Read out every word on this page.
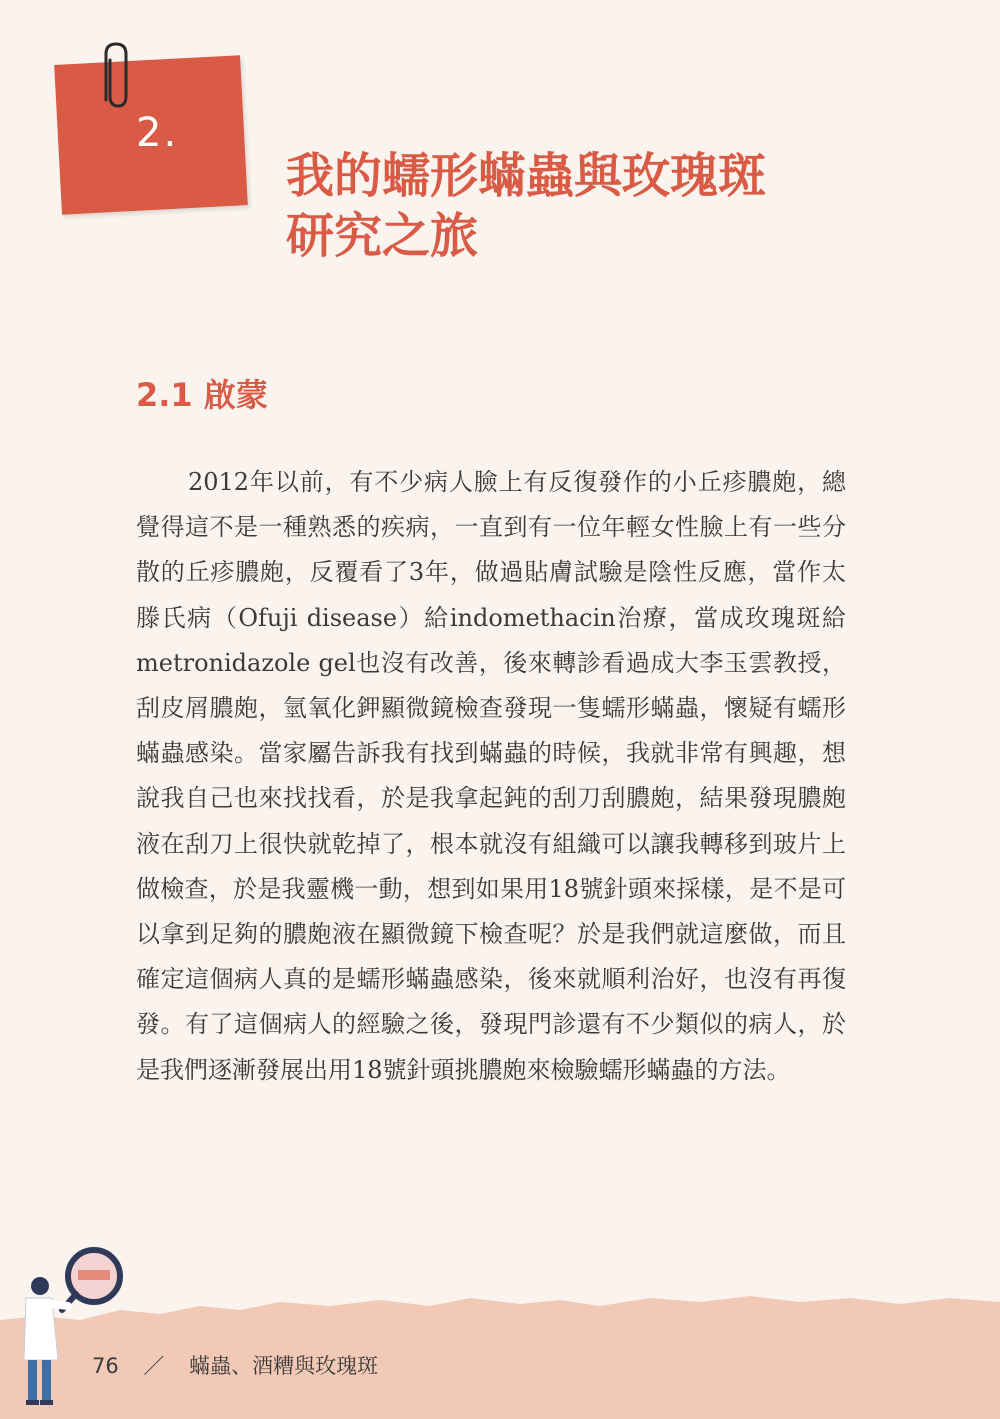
2.
我的蠕形蟎蟲與玫瑰斑
研究之旅
2.1 啟蒙

2012年以前，有不少病人臉上有反復發作的小丘疹膿皰，總覺得這不是一種熟悉的疾病，一直到有一位年輕女性臉上有一些分散的丘疹膿皰，反覆看了3年，做過貼膚試驗是陰性反應，當作太滕氏病（Ofuji disease）給indomethacin治療，當成玫瑰斑給metronidazole gel也沒有改善，後來轉診看過成大李玉雲教授，刮皮屑膿皰，氫氧化鉀顯微鏡檢查發現一隻蠕形蟎蟲，懷疑有蠕形蟎蟲感染。當家屬告訴我有找到蟎蟲的時候，我就非常有興趣，想說我自己也來找找看，於是我拿起鈍的刮刀刮膿皰，結果發現膿皰液在刮刀上很快就乾掉了，根本就沒有組織可以讓我轉移到玻片上做檢查，於是我靈機一動，想到如果用18號針頭來採樣，是不是可以拿到足夠的膿皰液在顯微鏡下檢查呢？於是我們就這麼做，而且確定這個病人真的是蠕形蟎蟲感染，後來就順利治好，也沒有再復發。有了這個病人的經驗之後，發現門診還有不少類似的病人，於是我們逐漸發展出用18號針頭挑膿皰來檢驗蠕形蟎蟲的方法。

76 ／ 蟎蟲、酒糟與玫瑰斑
